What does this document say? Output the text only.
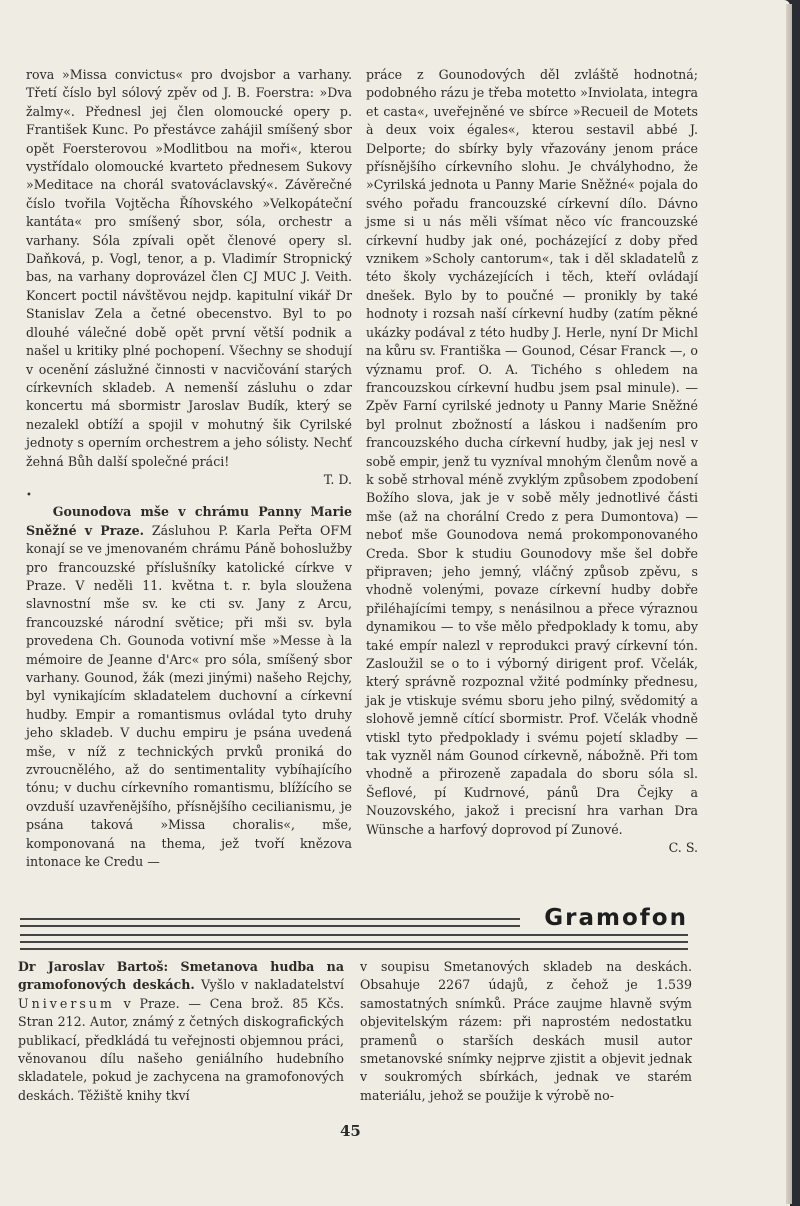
rova »Missa convictus« pro dvojsbor a varhany. Třetí číslo byl sólový zpěv od J. B. Foerstra: »Dva žalmy«. Přednesl jej člen olomoucké opery p. František Kunc. Po přestávce zahájil smíšený sbor opět Foersterovou »Modlitbou na moři«, kterou vystřídalo olomoucké kvarteto přednesem Sukovy »Meditace na chorál svatováclavský«. Závěrečné číslo tvořila Vojtěcha Říhovského »Velkopáteční kantáta« pro smíšený sbor, sóla, orchestr a varhany. Sóla zpívali opět členové opery sl. Daňková, p. Vogl, tenor, a p. Vladimír Stropnický bas, na varhany doprovázel člen CJ MUC J. Veith. Koncert poctil návštěvou nejdp. kapitulní vikář Dr Stanislav Zela a četné obecenstvo. Byl to po dlouhé válečné době opět první větší podnik a našel u kritiky plné pochopení. Všechny se shodují v ocenění záslužné činnosti v nacvičování starých církevních skladeb. A nemenší zásluhu o zdar koncertu má sbormistr Jaroslav Budík, který se nezalekl obtíží a spojil v mohutný šik Cyrilské jednoty s operním orchestrem a jeho sólisty. Nechť žehná Bůh další společné práci!

T. D.

•

Gounodova mše v chrámu Panny Marie Sněžné v Praze. Zásluhou P. Karla Peřta OFM konají se ve jmenovaném chrámu Páně bohoslužby pro francouzské příslušníky katolické církve v Praze. V neděli 11. května t. r. byla sloužena slavnostní mše sv. ke cti sv. Jany z Arcu, francouzské národní světice; při mši sv. byla provedena Ch. Gounoda votivní mše »Messe à la mémoire de Jeanne d'Arc« pro sóla, smíšený sbor varhany. Gounod, žák (mezi jinými) našeho Rejchy, byl vynikajícím skladatelem duchovní a církevní hudby. Empir a romantismus ovládal tyto druhy jeho skladeb. V duchu empiru je psána uvedená mše, v níž z technických prvků proniká do zvroucnělého, až do sentimentality vybíhajícího tónu; v duchu církevního romantismu, blížícího se ovzduší uzavřenějšího, přísnějšího cecilianismu, je psána taková »Missa choralis«, mše, komponovaná na thema, jež tvoří knězova intonace ke Credu —

práce z Gounodových děl zvláště hodnotná; podobného rázu je třeba motetto »Inviolata, integra et casta«, uveřejněné ve sbírce »Recueil de Motets à deux voix égales«, kterou sestavil abbé J. Delporte; do sbírky byly vřazovány jenom práce přísnějšího církevního slohu. Je chvályhodno, že »Cyrilská jednota u Panny Marie Sněžné« pojala do svého pořadu francouzské církevní dílo. Dávno jsme si u nás měli všímat něco víc francouzské církevní hudby jak oné, pocházející z doby před vznikem »Scholy cantorum«, tak i děl skladatelů z této školy vycházejících i těch, kteří ovládají dnešek. Bylo by to poučné — pronikly by také hodnoty i rozsah naší církevní hudby (zatím pěkné ukázky podával z této hudby J. Herle, nyní Dr Michl na kůru sv. Františka — Gounod, César Franck —, o významu prof. O. A. Tichého s ohledem na francouzskou církevní hudbu jsem psal minule). — Zpěv Farní cyrilské jednoty u Panny Marie Sněžné byl prolnut zbožností a láskou i nadšením pro francouzského ducha církevní hudby, jak jej nesl v sobě empir, jenž tu vyzníval mnohým členům nově a k sobě strhoval méně zvyklým způsobem zpodobení Božího slova, jak je v sobě měly jednotlivé části mše (až na chorální Credo z pera Dumontova) — neboť mše Gounodova nemá prokomponovaného Creda. Sbor k studiu Gounodovy mše šel dobře připraven; jeho jemný, vláčný způsob zpěvu, s vhodně volenými, povaze církevní hudby dobře přiléhajícími tempy, s nenásilnou a přece výraznou dynamikou — to vše mělo předpoklady k tomu, aby také empír nalezl v reprodukci pravý církevní tón. Zasloužil se o to i výborný dirigent prof. Včelák, který správně rozpoznal vžité podmínky přednesu, jak je vtiskuje svému sboru jeho pilný, svědomitý a slohově jemně cítící sbormistr. Prof. Včelák vhodně vtiskl tyto předpoklady i svému pojetí skladby — tak vyzněl nám Gounod církevně, nábožně. Při tom vhodně a přirozeně zapadala do sboru sóla sl. Šeflové, pí Kudrnové, pánů Dra Čejky a Nouzovského, jakož i precisní hra varhan Dra Wünsche a harfový doprovod pí Zunové.

C. S.

Gramofon

Dr Jaroslav Bartoš: Smetanova hudba na gramofonových deskách. Vyšlo v nakladatelství Universum v Praze. — Cena brož. 85 Kčs. Stran 212. Autor, známý z četných diskografických publikací, předkládá tu veřejnosti objemnou práci, věnovanou dílu našeho geniálního hudebního skladatele, pokud je zachycena na gramofonových deskách. Těžiště knihy tkví

v soupisu Smetanových skladeb na deskách. Obsahuje 2267 údajů, z čehož je 1.539 samostatných snímků. Práce zaujme hlavně svým objevitelským rázem: při naprostém nedostatku pramenů o starších deskách musil autor smetanovské snímky nejprve zjistit a objevit jednak v soukromých sbírkách, jednak ve starém materiálu, jehož se použije k výrobě no-

45
